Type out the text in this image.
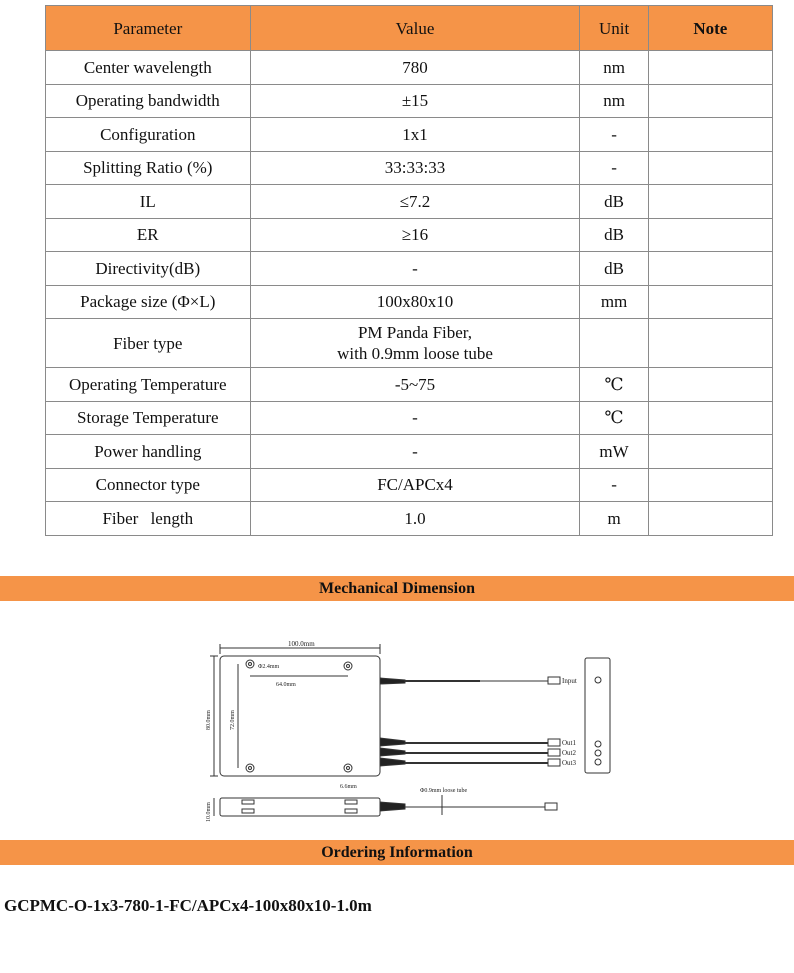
Parameter	Value	Unit	Note
Center wavelength	780	nm	
Operating bandwidth	±15	nm	
Configuration	1x1	-	
Splitting Ratio (%)	33:33:33	-	
IL	≤7.2	dB	
ER	≥16	dB	
Directivity(dB)	-	dB	
Package size (Φ×L)	100x80x10	mm	
Fiber type	PM Panda Fiber,
with 0.9mm loose tube		

Operating Temperature	-5~75	℃	
Storage Temperature	-	℃	
Power handling	-	mW	
Connector type	FC/APCx4	-	
Fiber length	1.0	m	
Mechanical Dimension
100.0mm
Φ2.4mm
64.0mm
80.0mm	72.0mm
6.6mm
10.0mm
Φ0.9mm loose tube
Input
Out1
Out2
Out3
Ordering Information
GCPMC-O-1x3-780-1-FC/APCx4-100x80x10-1.0m
